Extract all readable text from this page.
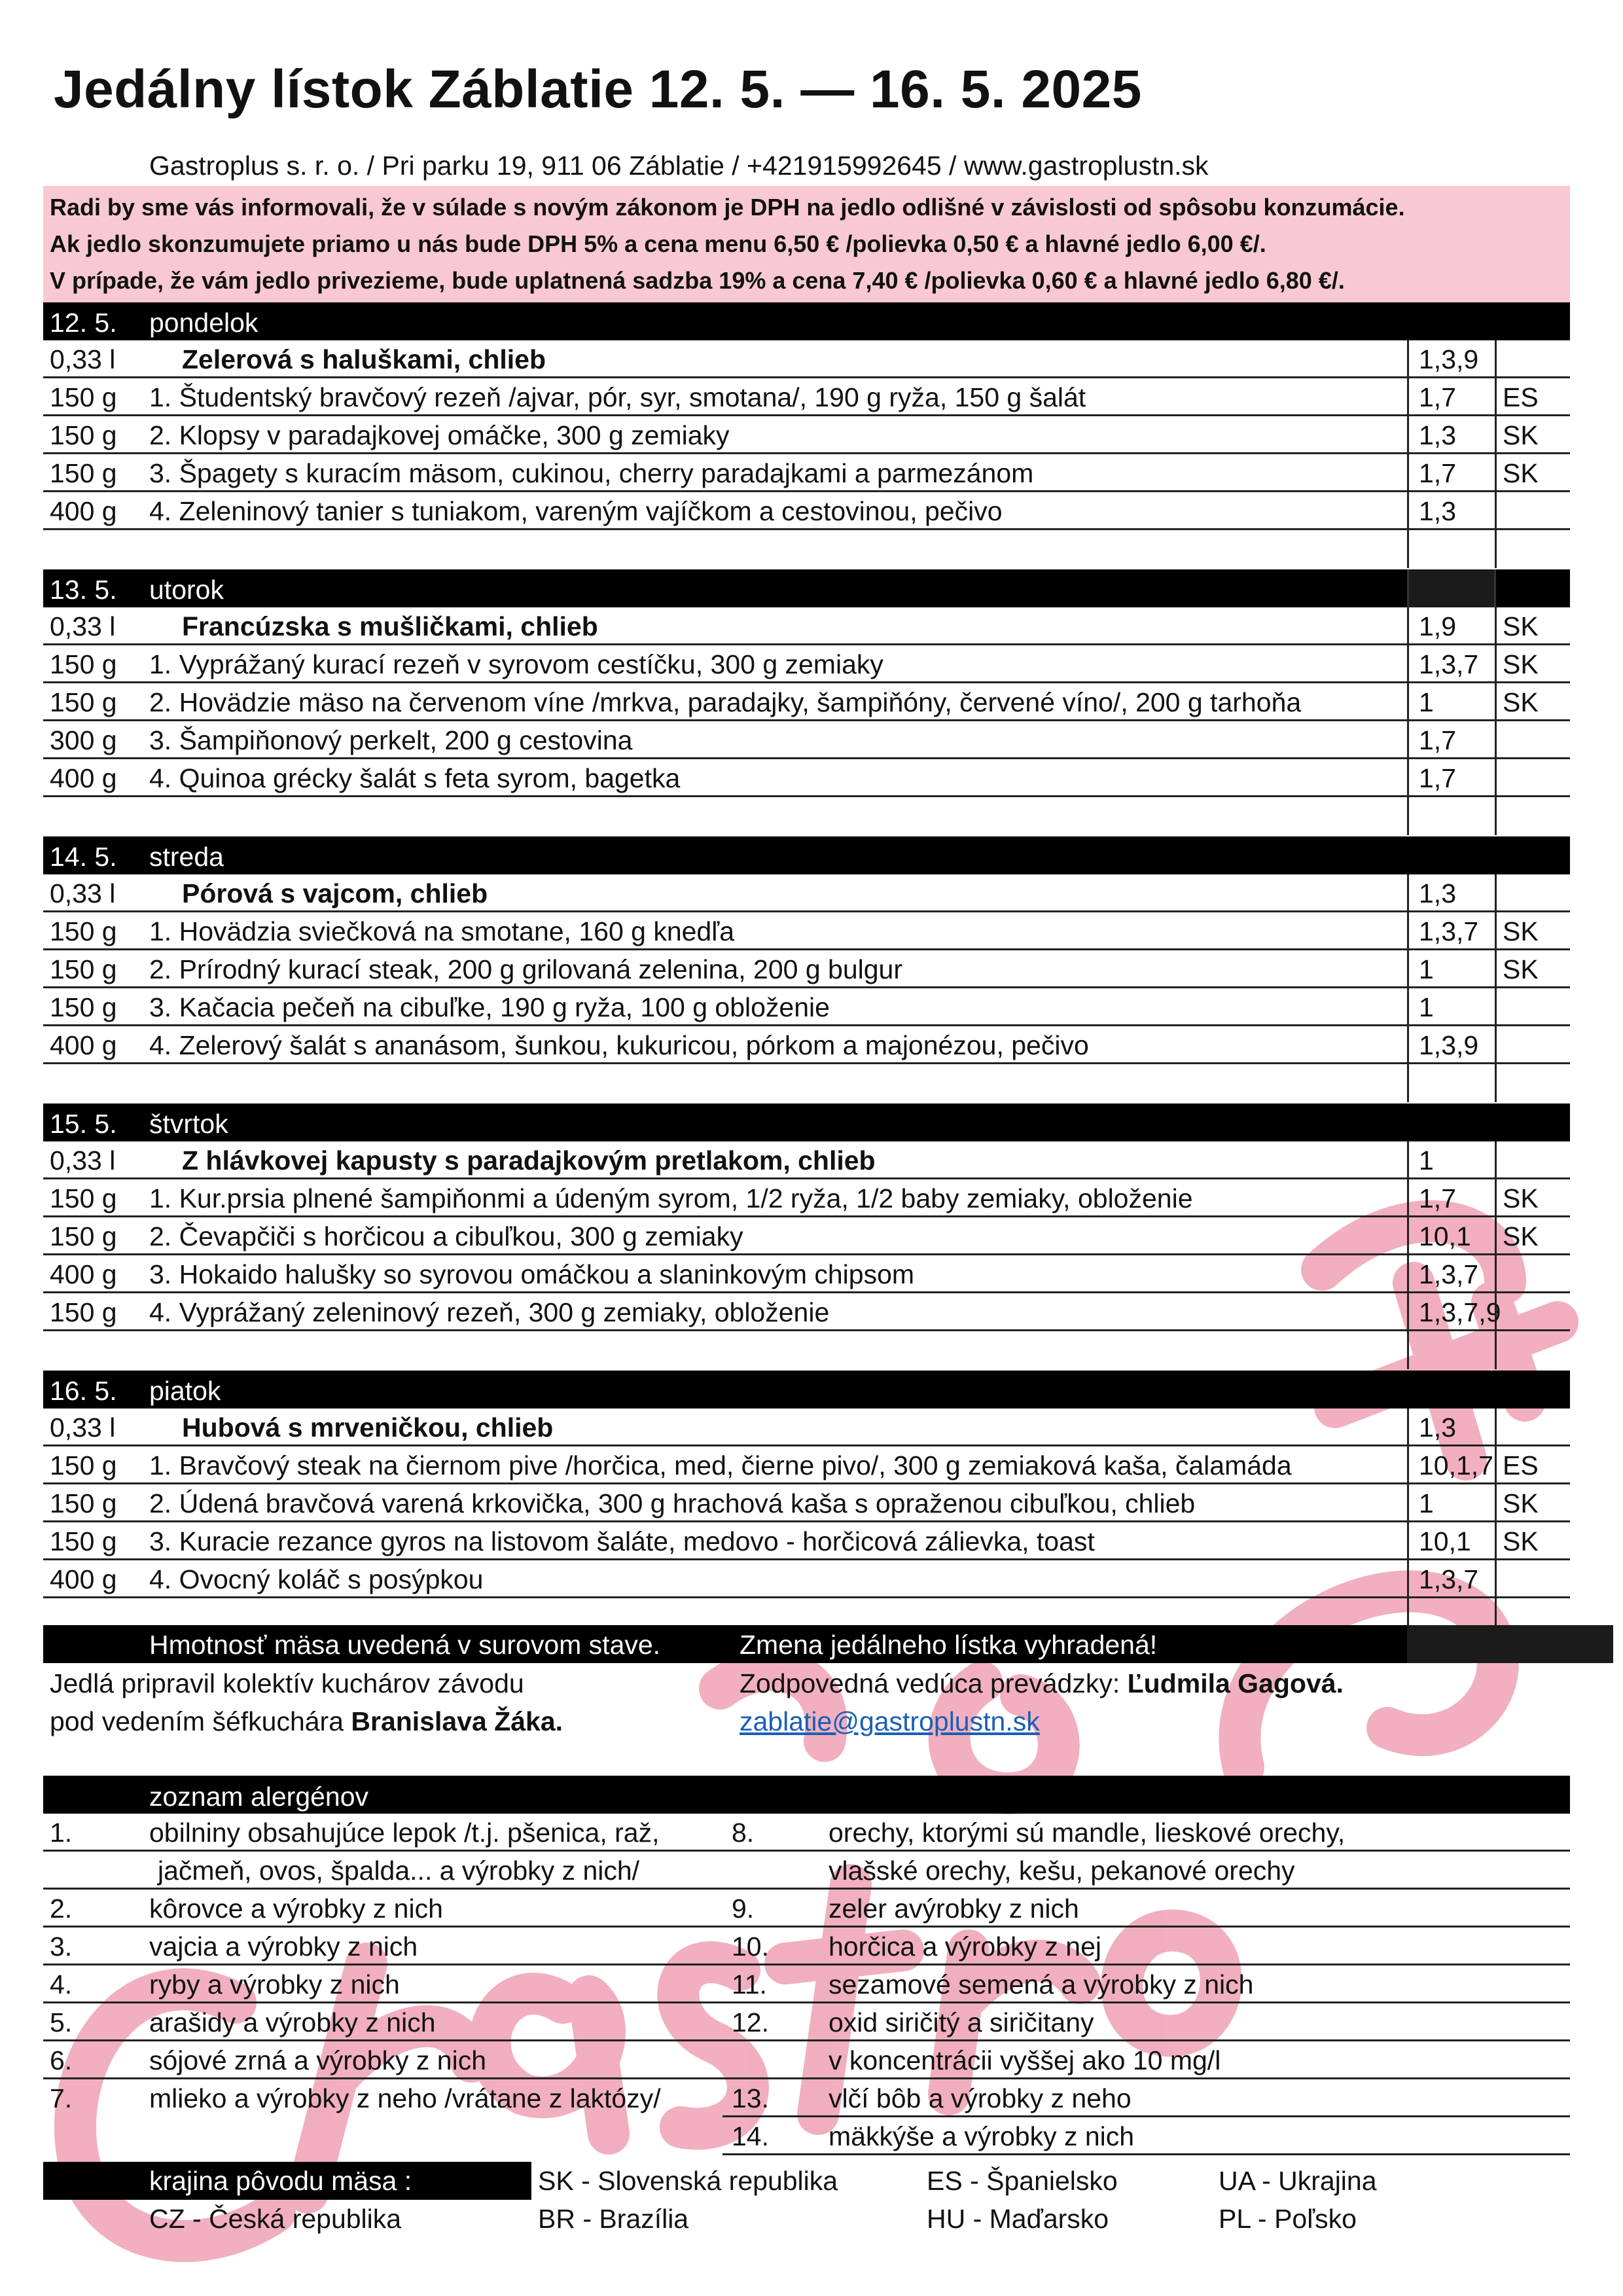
Jedálny lístok Záblatie 12. 5. — 16. 5. 2025
Gastroplus s. r. o. / Pri parku 19, 911 06 Záblatie / +421915992645 / www.gastroplustn.sk
Radi by sme vás informovali, že v súlade s novým zákonom je DPH na jedlo odlišné v závislosti od spôsobu konzumácie.
Ak jedlo skonzumujete priamo u nás bude DPH 5% a cena menu 6,50 € /polievka 0,50 € a hlavné jedlo 6,00 €/.
V prípade, že vám jedlo privezieme, bude uplatnená sadzba 19% a cena 7,40 € /polievka 0,60 € a hlavné jedlo 6,80 €/.
12. 5. pondelok
0,33 l Zelerová s haluškami, chlieb	1,3,9
150 g 1. Študentský bravčový rezeň /ajvar, pór, syr, smotana/, 190 g ryža, 150 g šalát	1,7 ES
150 g 2. Klopsy v paradajkovej omáčke, 300 g zemiaky	1,3 SK
150 g 3. Špagety s kuracím mäsom, cukinou, cherry paradajkami a parmezánom	1,7 SK
400 g 4. Zeleninový tanier s tuniakom, vareným vajíčkom a cestovinou, pečivo	1,3
13. 5. utorok
0,33 l Francúzska s mušličkami, chlieb	1,9 SK
150 g 1. Vyprážaný kurací rezeň v syrovom cestíčku, 300 g zemiaky	1,3,7 SK
150 g 2. Hovädzie mäso na červenom víne /mrkva, paradajky, šampiňóny, červené víno/, 200 g tarhoňa	1	SK
300 g 3. Šampiňonový perkelt, 200 g cestovina	1,7
400 g 4. Quinoa grécky šalát s feta syrom, bagetka	1,7
14. 5. streda
0,33 l Pórová s vajcom, chlieb	1,3
150 g 1. Hovädzia sviečková na smotane, 160 g knedľa	1,3,7 SK
150 g 2. Prírodný kurací steak, 200 g grilovaná zelenina, 200 g bulgur	1	SK
150 g 3. Kačacia pečeň na cibuľke, 190 g ryža, 100 g obloženie	1
400 g 4. Zelerový šalát s ananásom, šunkou, kukuricou, pórkom a majonézou, pečivo	1,3,9
15. 5. štvrtok
0,33 l Z hlávkovej kapusty s paradajkovým pretlakom, chlieb	1
150 g 1. Kur.prsia plnené šampiňonmi a údeným syrom, 1/2 ryža, 1/2 baby zemiaky, obloženie	1,7 SK
150 g 2. Čevapčiči s horčicou a cibuľkou, 300 g zemiaky	10,1 SK
400 g 3. Hokaido halušky so syrovou omáčkou a slaninkovým chipsom	1,3,7
150 g 4. Vyprážaný zeleninový rezeň, 300 g zemiaky, obloženie	1,3,7,9
16. 5. piatok
0,33 l Hubová s mrveničkou, chlieb	1,3
150 g 1. Bravčový steak na čiernom pive /horčica, med, čierne pivo/, 300 g zemiaková kaša, čalamáda	10,1,7 ES
150 g 2. Údená bravčová varená krkovička, 300 g hrachová kaša s opraženou cibuľkou, chlieb	1	SK
150 g 3. Kuracie rezance gyros na listovom šaláte, medovo - horčicová zálievka, toast	10,1 SK
400 g 4. Ovocný koláč s posýpkou	1,3,7
Hmotnosť mäsa uvedená v surovom stave.	Zmena jedálneho lístka vyhradená!
Jedlá pripravil kolektív kuchárov závodu
pod vedením šéfkuchára Branislava Žáka.
Zodpovedná vedúca prevádzky: Ľudmila Gagová.
zablatie@gastroplustn.sk
zoznam alergénov
1.	obilniny obsahujúce lepok /t.j. pšenica, raž,
jačmeň, ovos, špalda... a výrobky z nich/
2.	kôrovce a výrobky z nich
3.	vajcia a výrobky z nich
4.	ryby a výrobky z nich
5.	arašidy a výrobky z nich
6.	sójové zrná a výrobky z nich
7.	mlieko a výrobky z neho /vrátane z laktózy/
8.	orechy, ktorými sú mandle, lieskové orechy,
vlašské orechy, kešu, pekanové orechy
9.	zeler avýrobky z nich
10. horčica a výrobky z nej
11. sezamové semená a výrobky z nich
12. oxid siričitý a siričitany
v koncentrácii vyššej ako 10 mg/l
13. vlčí bôb a výrobky z neho
14. mäkkýše a výrobky z nich
krajina pôvodu mäsa :	SK - Slovenská republika	ES - Španielsko	UA - Ukrajina
CZ - Česká republika	BR - Brazília	HU - Maďarsko	PL - Poľsko
